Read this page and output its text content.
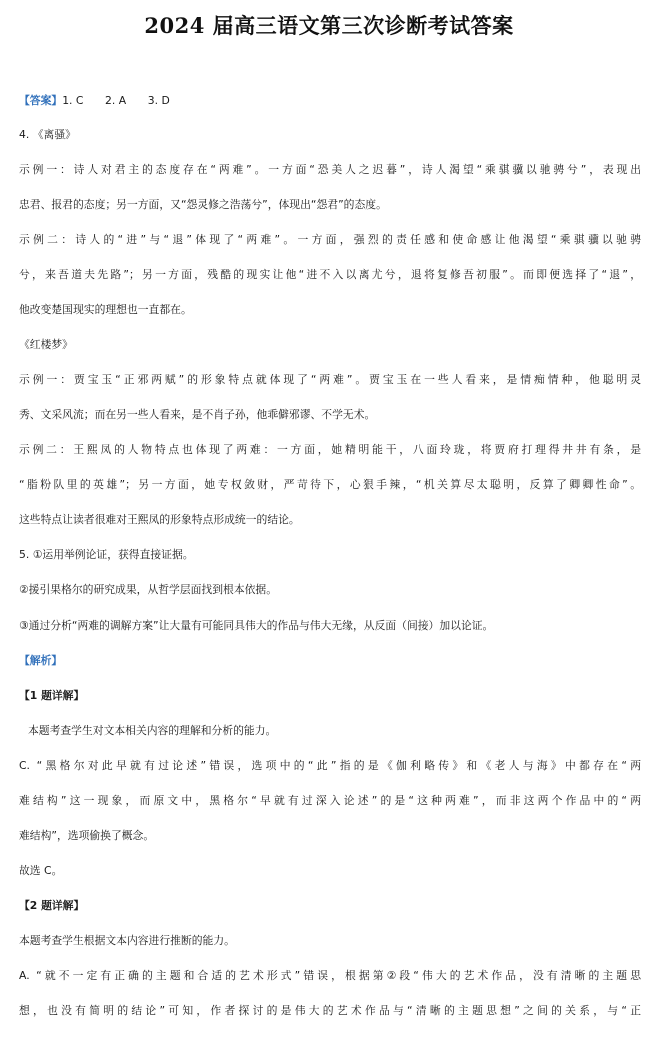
2024 届高三语文第三次诊断考试答案
【答案】1. C　　2. A　　3. D
4. 《离骚》
示例一：诗人对君主的态度存在“两难”。一方面“恐美人之迟暮”，诗人渴望“乘骐骥以驰骋兮”，表现出
忠君、报君的态度；另一方面，又“怨灵修之浩荡兮”，体现出“怨君”的态度。
示例二：诗人的“进”与“退”体现了“两难”。一方面，强烈的责任感和使命感让他渴望“乘骐骥以驰骋
兮，来吾道夫先路”；另一方面，残酷的现实让他“进不入以离尤兮，退将复修吾初服”。而即便选择了“退”，
他改变楚国现实的理想也一直都在。
《红楼梦》
示例一：贾宝玉“正邪两赋”的形象特点就体现了“两难”。贾宝玉在一些人看来，是情痴情种，他聪明灵
秀、文采风流；而在另一些人看来，是不肖子孙，他乖僻邪谬、不学无术。
示例二：王熙凤的人物特点也体现了两难：一方面，她精明能干，八面玲珑，将贾府打理得井井有条，是
“脂粉队里的英雄”；另一方面，她专权敛财，严苛待下，心狠手辣，“机关算尽太聪明，反算了卿卿性命”。
这些特点让读者很难对王熙凤的形象特点形成统一的结论。
5. ①运用举例论证，获得直接证据。
②援引果格尔的研究成果，从哲学层面找到根本依据。
③通过分析“两难的调解方案”让大量有可能同具伟大的作品与伟大无缘，从反面（间接）加以论证。
【解析】
【1 题详解】
本题考查学生对文本相关内容的理解和分析的能力。
C. “黑格尔对此早就有过论述”错误，选项中的“此”指的是《伽利略传》和《老人与海》中都存在“两
难结构”这一现象，而原文中，黑格尔“早就有过深入论述”的是“这种两难”，而非这两个作品中的“两
难结构”，选项偷换了概念。
故选 C。
【2 题详解】
本题考查学生根据文本内容进行推断的能力。
A. “就不一定有正确的主题和合适的艺术形式”错误，根据第②段“伟大的艺术作品，没有清晰的主题思
想，也没有简明的结论”可知，作者探讨的是伟大的艺术作品与“清晰的主题思想”之间的关系，与“正
